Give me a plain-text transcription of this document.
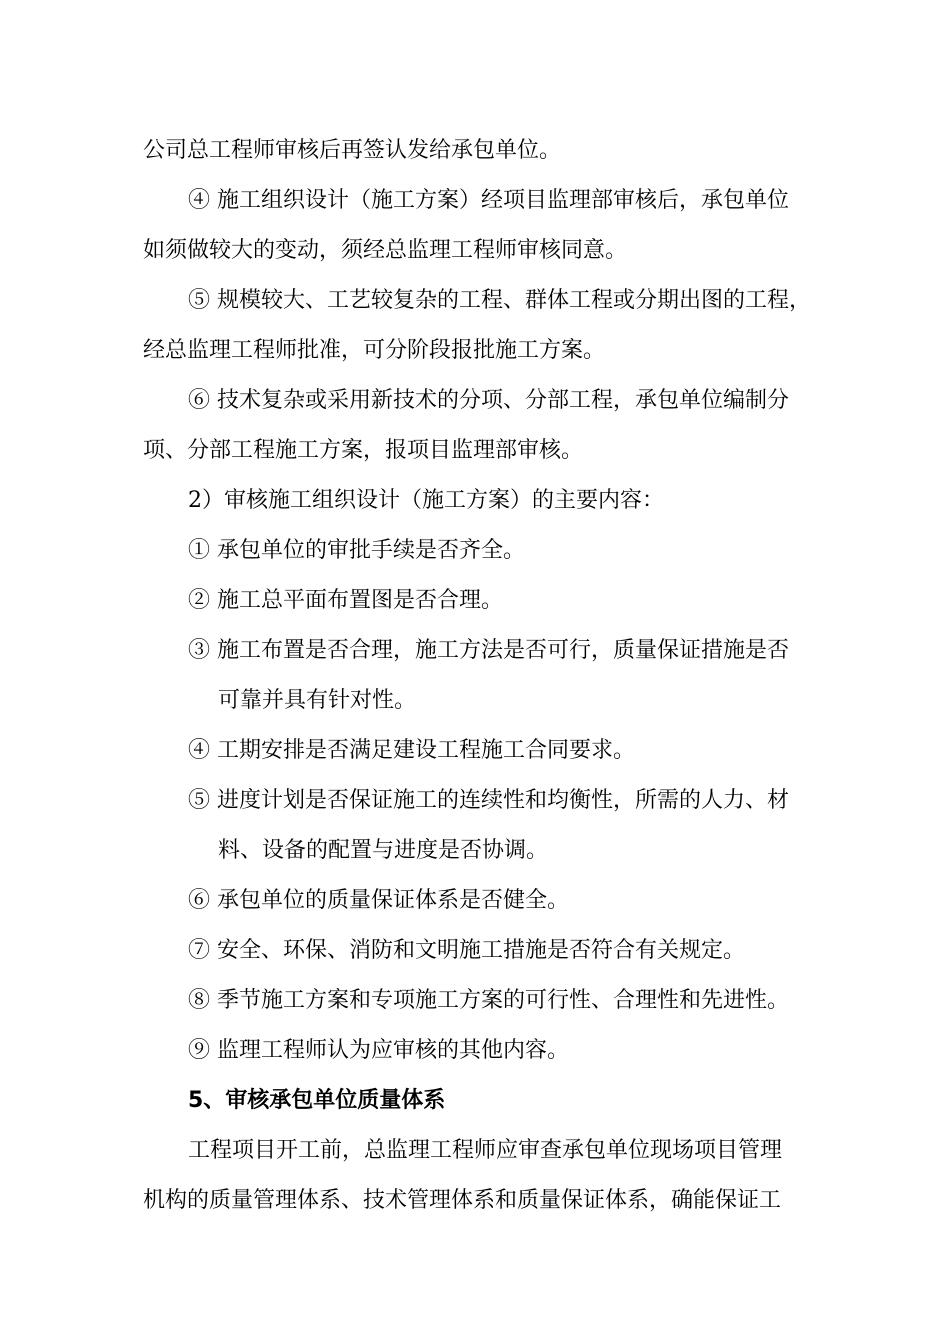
公司总工程师审核后再签认发给承包单位。
④ 施工组织设计（施工方案）经项目监理部审核后，承包单位
如须做较大的变动，须经总监理工程师审核同意。
⑤ 规模较大、工艺较复杂的工程、群体工程或分期出图的工程，
经总监理工程师批准，可分阶段报批施工方案。
⑥ 技术复杂或采用新技术的分项、分部工程，承包单位编制分
项、分部工程施工方案，报项目监理部审核。
2）审核施工组织设计（施工方案）的主要内容：
① 承包单位的审批手续是否齐全。
② 施工总平面布置图是否合理。
③ 施工布置是否合理，施工方法是否可行，质量保证措施是否
可靠并具有针对性。
④ 工期安排是否满足建设工程施工合同要求。
⑤ 进度计划是否保证施工的连续性和均衡性，所需的人力、材
料、设备的配置与进度是否协调。
⑥ 承包单位的质量保证体系是否健全。
⑦ 安全、环保、消防和文明施工措施是否符合有关规定。
⑧ 季节施工方案和专项施工方案的可行性、合理性和先进性。
⑨ 监理工程师认为应审核的其他内容。
5、审核承包单位质量体系
工程项目开工前，总监理工程师应审查承包单位现场项目管理
机构的质量管理体系、技术管理体系和质量保证体系，确能保证工
